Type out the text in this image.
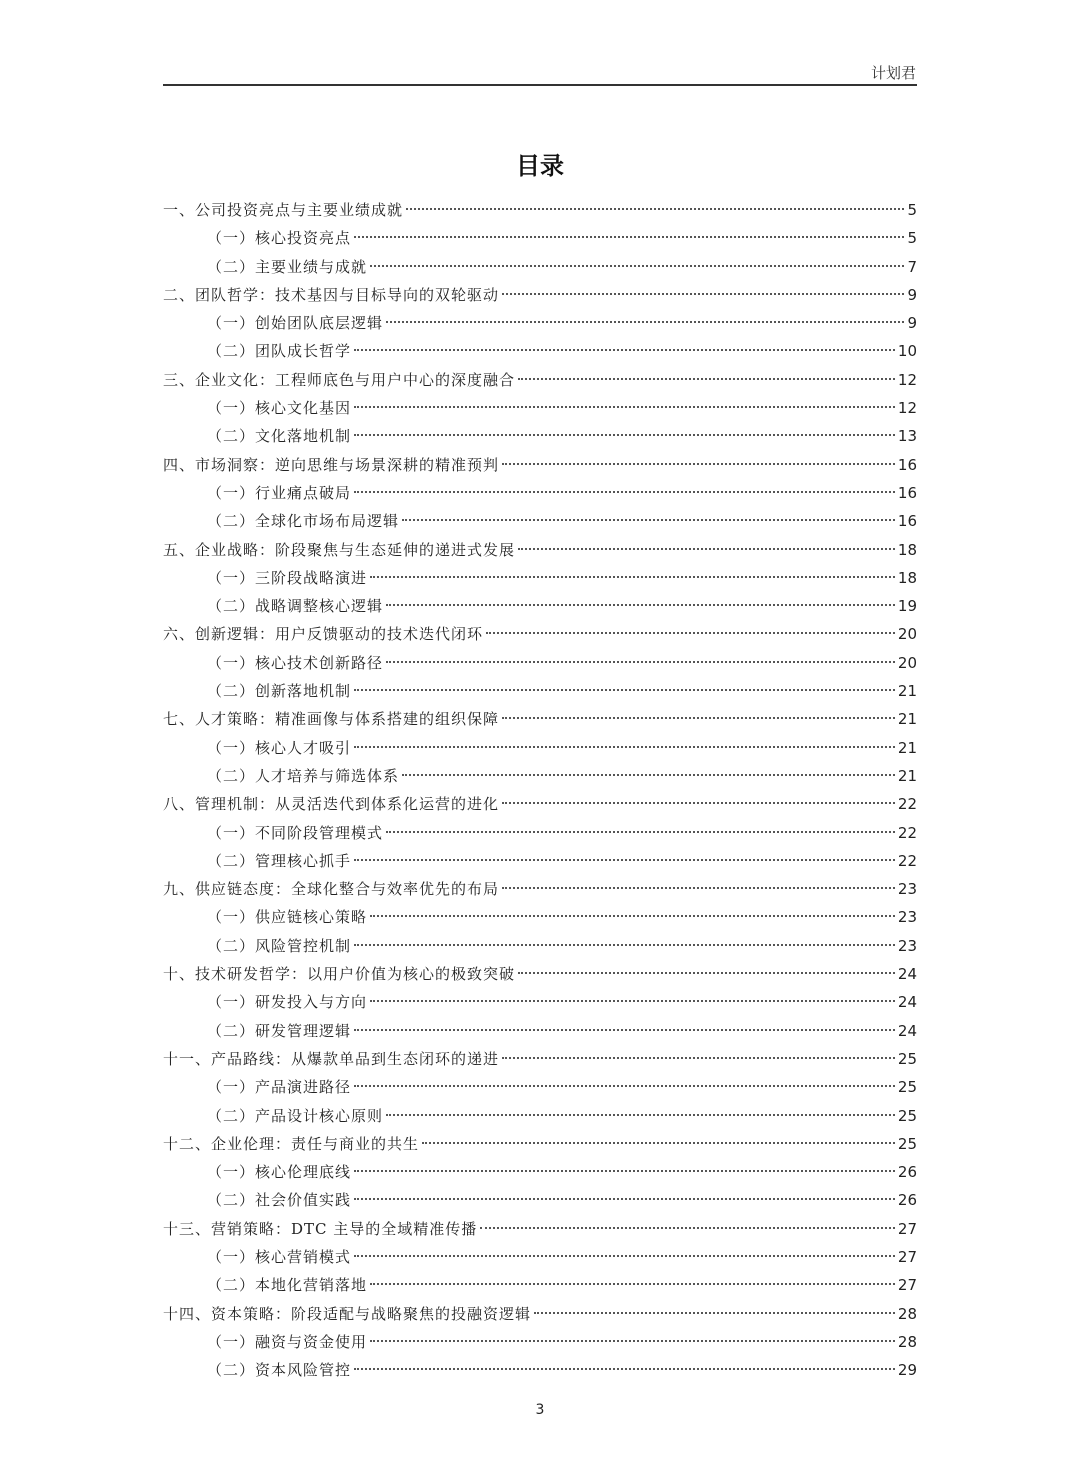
计划君
目录
一、公司投资亮点与主要业绩成就	5
（一）核心投资亮点	5
（二）主要业绩与成就	7
二、团队哲学：技术基因与目标导向的双轮驱动	9
（一）创始团队底层逻辑	9
（二）团队成长哲学	10
三、企业文化：工程师底色与用户中心的深度融合	12
（一）核心文化基因	12
（二）文化落地机制	13
四、市场洞察：逆向思维与场景深耕的精准预判	16
（一）行业痛点破局	16
（二）全球化市场布局逻辑	16
五、企业战略：阶段聚焦与生态延伸的递进式发展	18
（一）三阶段战略演进	18
（二）战略调整核心逻辑	19
六、创新逻辑：用户反馈驱动的技术迭代闭环	20
（一）核心技术创新路径	20
（二）创新落地机制	21
七、人才策略：精准画像与体系搭建的组织保障	21
（一）核心人才吸引	21
（二）人才培养与筛选体系	21
八、管理机制：从灵活迭代到体系化运营的进化	22
（一）不同阶段管理模式	22
（二）管理核心抓手	22
九、供应链态度：全球化整合与效率优先的布局	23
（一）供应链核心策略	23
（二）风险管控机制	23
十、技术研发哲学：以用户价值为核心的极致突破	24
（一）研发投入与方向	24
（二）研发管理逻辑	24
十一、产品路线：从爆款单品到生态闭环的递进	25
（一）产品演进路径	25
（二）产品设计核心原则	25
十二、企业伦理：责任与商业的共生	25
（一）核心伦理底线	26
（二）社会价值实践	26
十三、营销策略：DTC 主导的全域精准传播	27
（一）核心营销模式	27
（二）本地化营销落地	27
十四、资本策略：阶段适配与战略聚焦的投融资逻辑	28
（一）融资与资金使用	28
（二）资本风险管控	29
3
